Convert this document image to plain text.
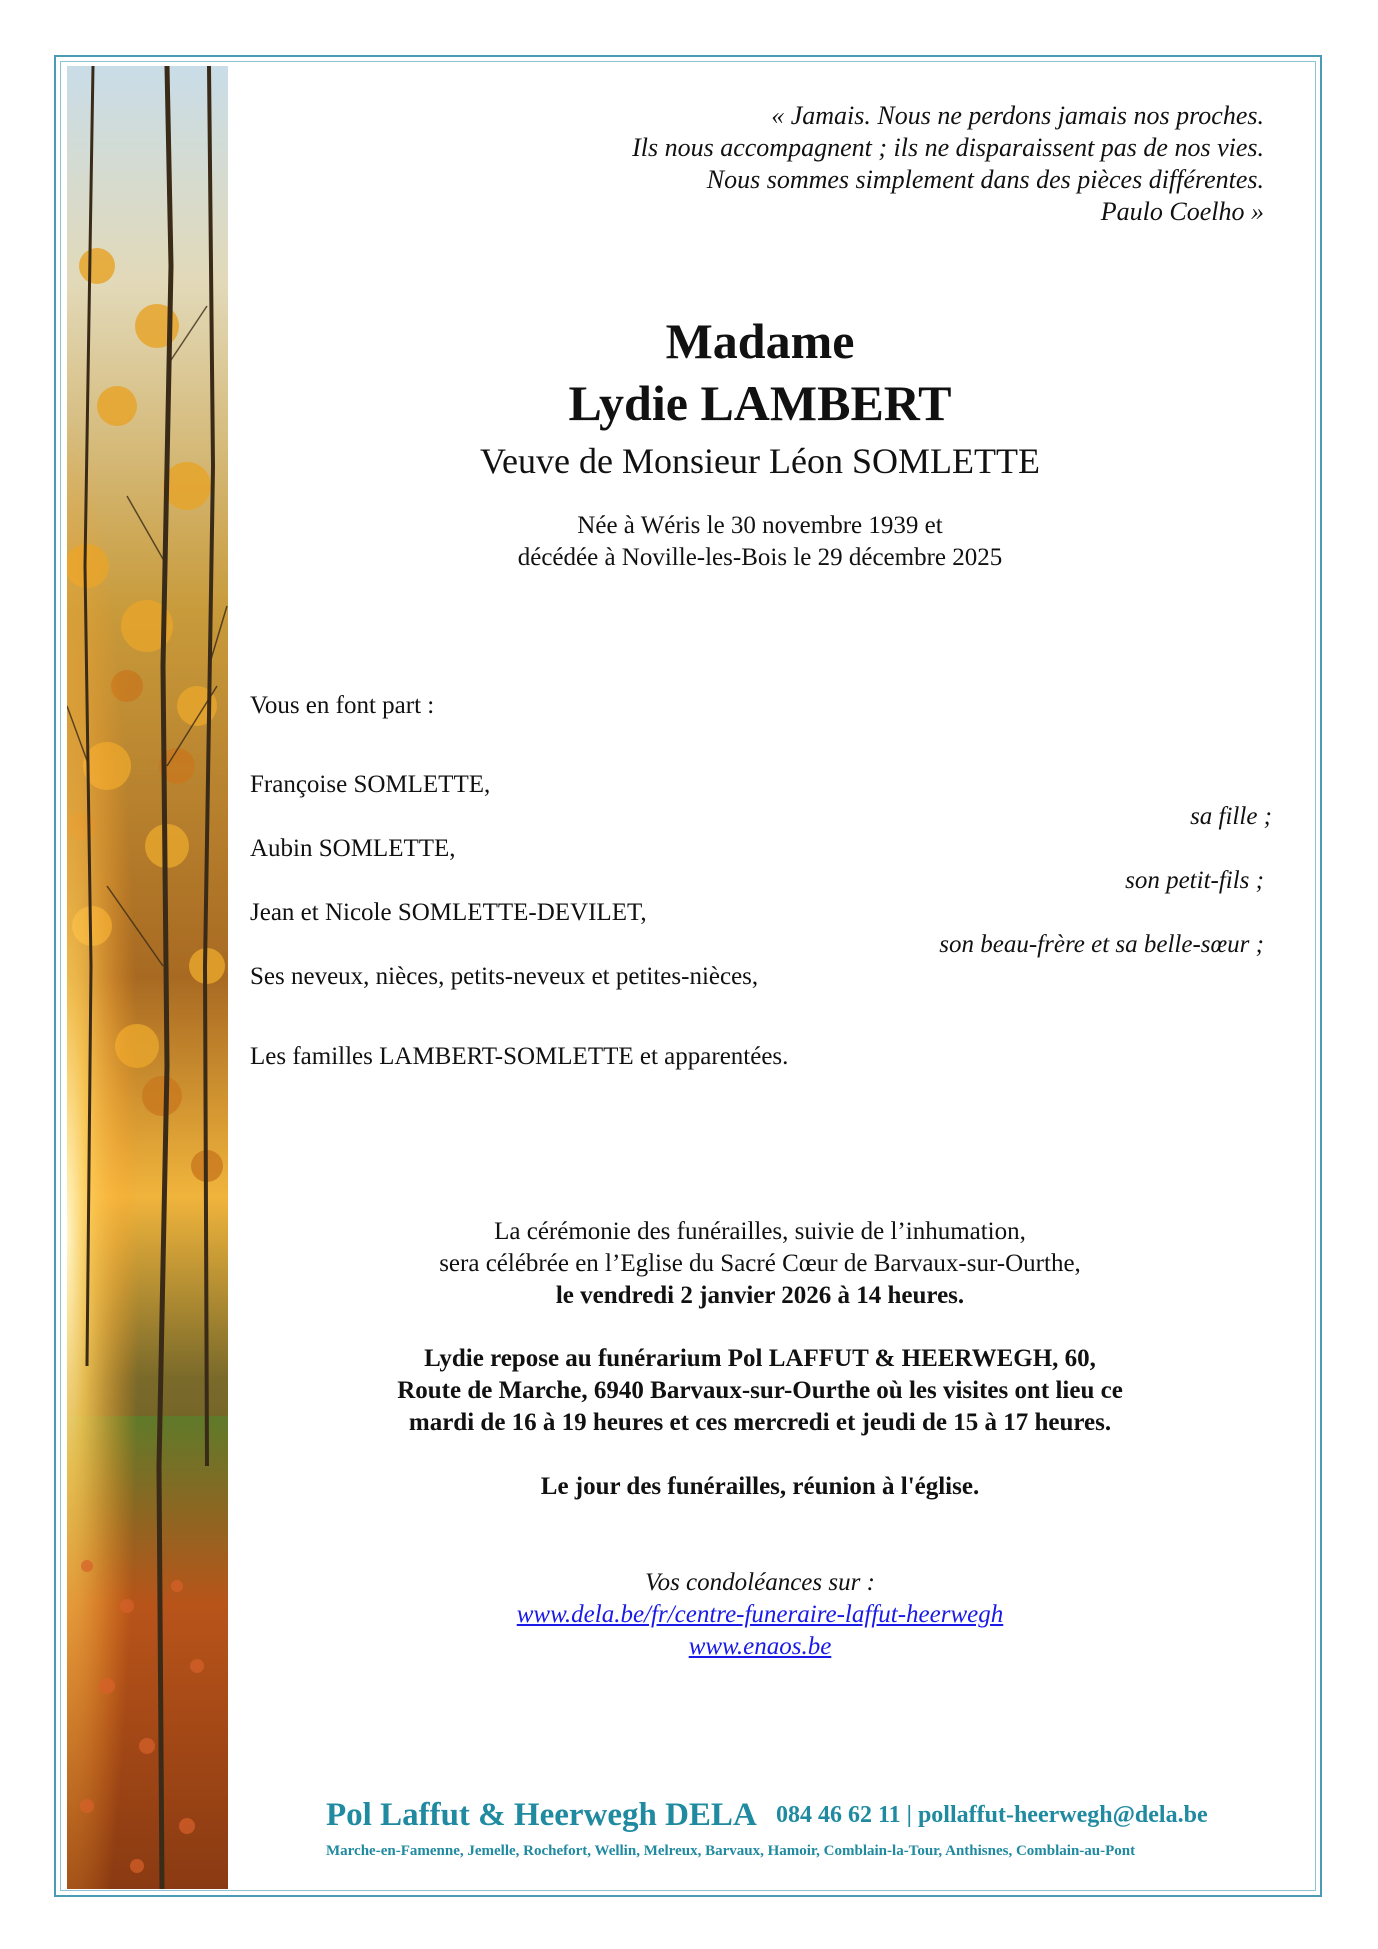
« Jamais. Nous ne perdons jamais nos proches.
Ils nous accompagnent ; ils ne disparaissent pas de nos vies.
Nous sommes simplement dans des pièces différentes.
Paulo Coelho »
Madame
Lydie LAMBERT
Veuve de Monsieur Léon SOMLETTE
Née à Wéris le 30 novembre 1939 et
décédée à Noville-les-Bois le 29 décembre 2025
Vous en font part :
Françoise SOMLETTE,
sa fille ;
Aubin SOMLETTE,
son petit-fils ;
Jean et Nicole SOMLETTE-DEVILET,
son beau-frère et sa belle-sœur ;
Ses neveux, nièces, petits-neveux et petites-nièces,
Les familles LAMBERT-SOMLETTE et apparentées.
La cérémonie des funérailles, suivie de l’inhumation,
sera célébrée en l’Eglise du Sacré Cœur de Barvaux-sur-Ourthe,
le vendredi 2 janvier 2026 à 14 heures.
Lydie repose au funérarium Pol LAFFUT & HEERWEGH, 60,
Route de Marche, 6940 Barvaux-sur-Ourthe où les visites ont lieu ce
mardi de 16 à 19 heures et ces mercredi et jeudi de 15 à 17 heures.
Le jour des funérailles, réunion à l'église.
Vos condoléances sur :
www.dela.be/fr/centre-funeraire-laffut-heerwegh
www.enaos.be
Pol Laffut & Heerwegh DELA 084 46 62 11 | pollaffut-heerwegh@dela.be
Marche-en-Famenne, Jemelle, Rochefort, Wellin, Melreux, Barvaux, Hamoir, Comblain-la-Tour, Anthisnes, Comblain-au-Pont
